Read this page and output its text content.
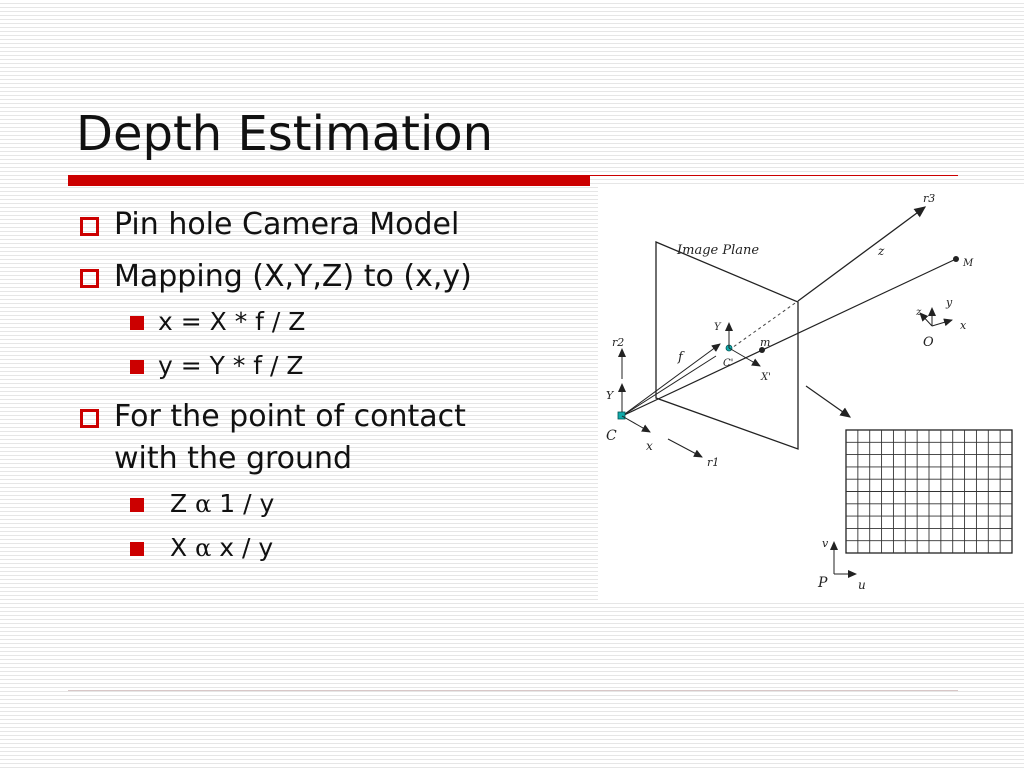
Depth Estimation
Pin hole Camera Model
Mapping (X,Y,Z) to (x,y)
x = X * f / Z
y = Y * f / Z
For the point of contact
with the ground
Z α 1 / y
X α x / y
Image Plane
r3
z
M
m
f	C'
Y
X'
C
Y
x
r2
r1
y
z
x
O
v
u
P
